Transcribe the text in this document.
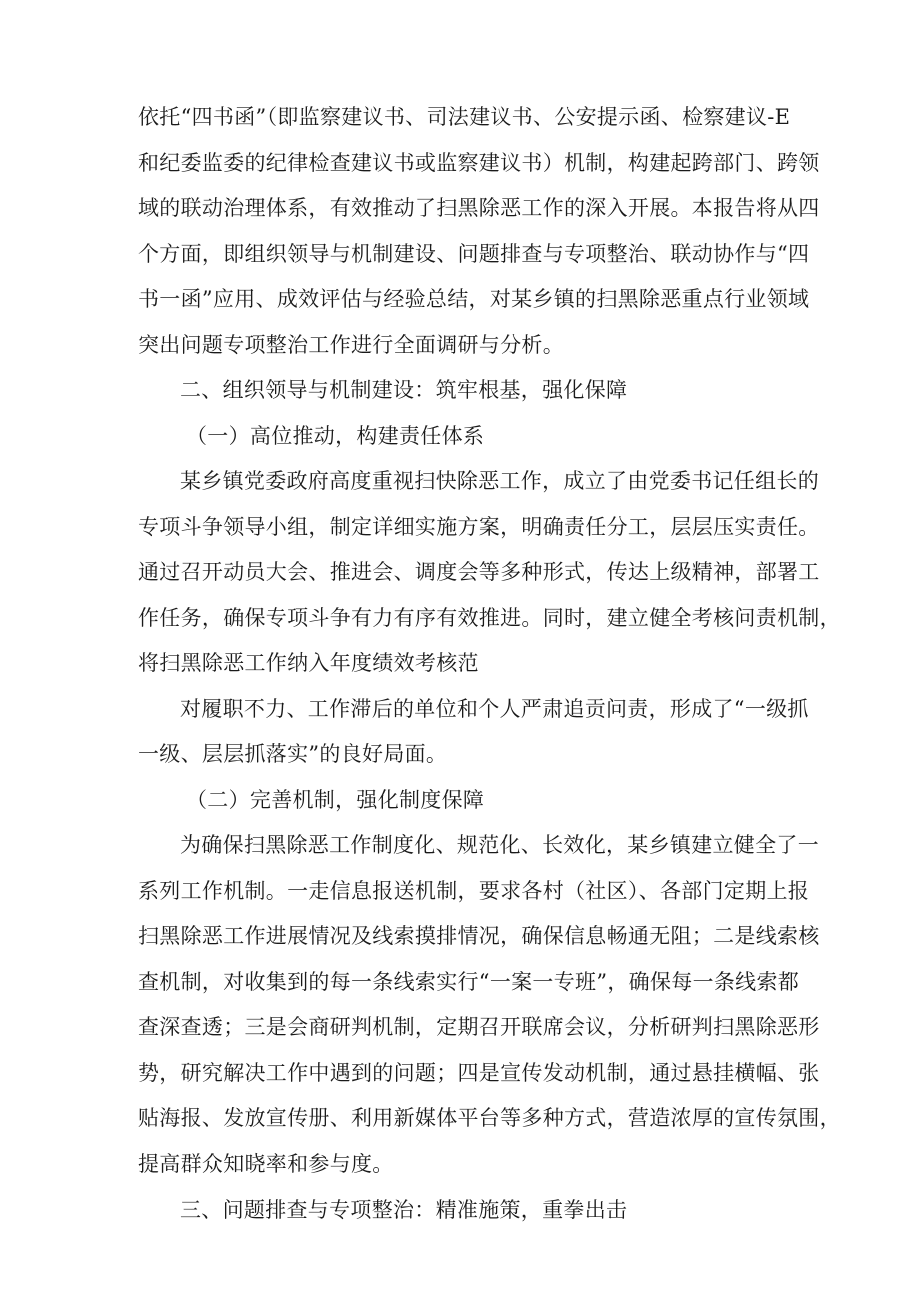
依托“四书函”（即监察建议书、司法建议书、公安提示函、检察建议-E
和纪委监委的纪律检查建议书或监察建议书）机制，构建起跨部门、跨领
域的联动治理体系，有效推动了扫黑除恶工作的深入开展。本报告将从四
个方面，即组织领导与机制建设、问题排查与专项整治、联动协作与“四
书一函”应用、成效评估与经验总结，对某乡镇的扫黑除恶重点行业领域
突出问题专项整治工作进行全面调研与分析。
二、组织领导与机制建设：筑牢根基，强化保障
（一）高位推动，构建责任体系
某乡镇党委政府高度重视扫快除恶工作，成立了由党委书记任组长的
专项斗争领导小组，制定详细实施方案，明确责任分工，层层压实责任。
通过召开动员大会、推进会、调度会等多种形式，传达上级精神，部署工
作任务，确保专项斗争有力有序有效推进。同时，建立健全考核问责机制，
将扫黑除恶工作纳入年度绩效考核范
对履职不力、工作滞后的单位和个人严肃追贡问责，形成了“一级抓
一级、层层抓落实”的良好局面。
（二）完善机制，强化制度保障
为确保扫黑除恶工作制度化、规范化、长效化，某乡镇建立健全了一
系列工作机制。一走信息报送机制，要求各村（社区）、各部门定期上报
扫黑除恶工作进展情况及线索摸排情况，确保信息畅通无阻；二是线索核
查机制，对收集到的每一条线索实行“一案一专班”，确保每一条线索都
查深查透；三是会商研判机制，定期召开联席会议，分析研判扫黑除恶形
势，研究解决工作中遇到的问题；四是宣传发动机制，通过悬挂横幅、张
贴海报、发放宣传册、利用新媒体平台等多种方式，营造浓厚的宣传氛围，
提高群众知晓率和参与度。
三、问题排查与专项整治：精准施策，重拳出击
